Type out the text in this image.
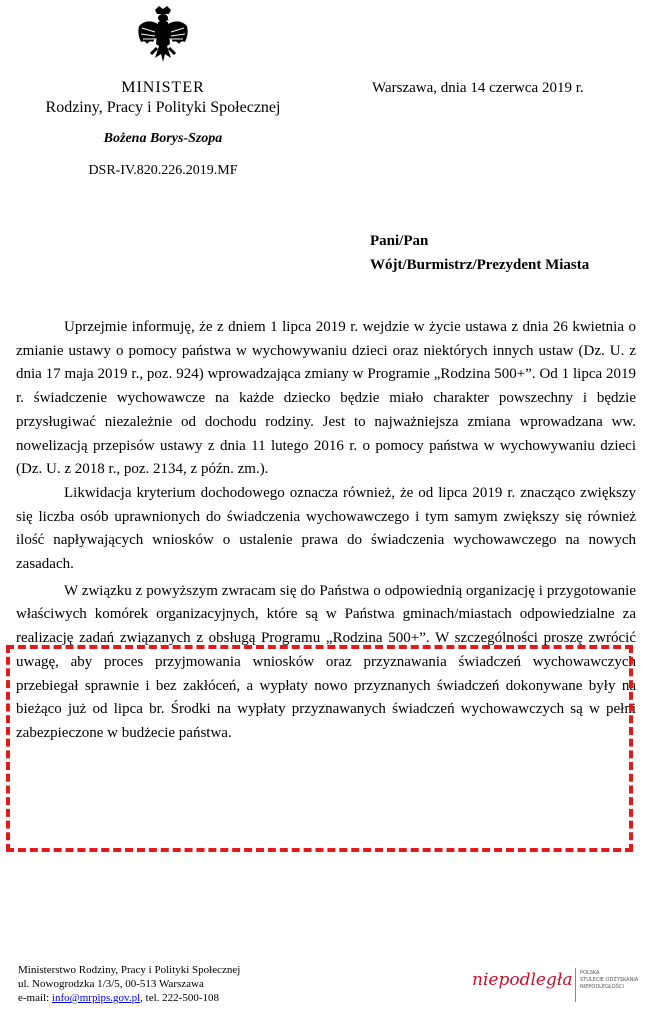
MINISTER
Rodziny, Pracy i Polityki Społecznej
Bożena Borys-Szopa
DSR-IV.820.226.2019.MF
Warszawa, dnia 14 czerwca 2019 r.
Pani/Pan
Wójt/Burmistrz/Prezydent Miasta

Uprzejmie informuję, że z dniem 1 lipca 2019 r. wejdzie w życie ustawa z dnia 26 kwietnia o zmianie ustawy o pomocy państwa w wychowywaniu dzieci oraz niektórych innych ustaw (Dz. U. z dnia 17 maja 2019 r., poz. 924) wprowadzająca zmiany w Programie „Rodzina 500+”. Od 1 lipca 2019 r. świadczenie wychowawcze na każde dziecko będzie miało charakter powszechny i będzie przysługiwać niezależnie od dochodu rodziny. Jest to najważniejsza zmiana wprowadzana ww. nowelizacją przepisów ustawy z dnia 11 lutego 2016 r. o pomocy państwa w wychowywaniu dzieci (Dz. U. z 2018 r., poz. 2134, z późn. zm.).

Likwidacja kryterium dochodowego oznacza również, że od lipca 2019 r. znacząco zwiększy się liczba osób uprawnionych do świadczenia wychowawczego i tym samym zwiększy się również ilość napływających wniosków o ustalenie prawa do świadczenia wychowawczego na nowych zasadach.

W związku z powyższym zwracam się do Państwa o odpowiednią organizację i przygotowanie właściwych komórek organizacyjnych, które są w Państwa gminach/miastach odpowiedzialne za realizację zadań związanych z obsługą Programu „Rodzina 500+”. W szczególności proszę zwrócić uwagę, aby proces przyjmowania wniosków oraz przyznawania świadczeń wychowawczych przebiegał sprawnie i bez zakłóceń, a wypłaty nowo przyznanych świadczeń dokonywane były na bieżąco już od lipca br. Środki na wypłaty przyznawanych świadczeń wychowawczych są w pełni zabezpieczone w budżecie państwa.

Ministerstwo Rodziny, Pracy i Polityki Społecznej
ul. Nowogrodzka 1/3/5, 00-513 Warszawa
e-mail: info@mrpips.gov.pl, tel. 222-500-108
niepodległa POLSKA
STULECIE ODZYSKANIA
NIEPODLEGŁOŚCI
